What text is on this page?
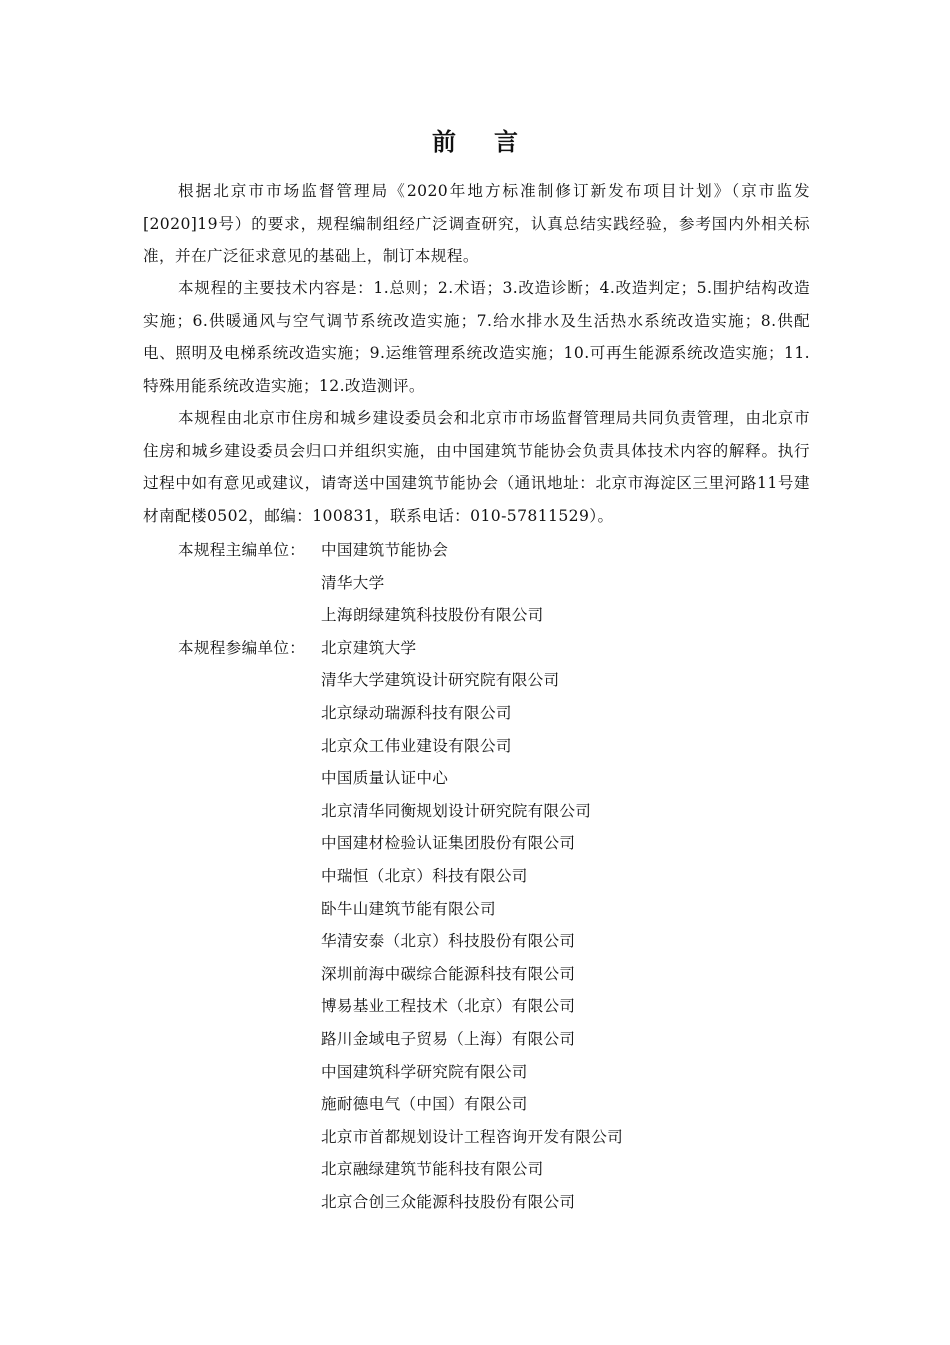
前言

根据北京市市场监督管理局《2020年地方标准制修订新发布项目计划》（京市监发[2020]19号）的要求，规程编制组经广泛调查研究，认真总结实践经验，参考国内外相关标准，并在广泛征求意见的基础上，制订本规程。

本规程的主要技术内容是：1.总则；2.术语；3.改造诊断；4.改造判定；5.围护结构改造实施；6.供暖通风与空气调节系统改造实施；7.给水排水及生活热水系统改造实施；8.供配电、照明及电梯系统改造实施；9.运维管理系统改造实施；10.可再生能源系统改造实施；11.特殊用能系统改造实施；12.改造测评。

本规程由北京市住房和城乡建设委员会和北京市市场监督管理局共同负责管理，由北京市住房和城乡建设委员会归口并组织实施，由中国建筑节能协会负责具体技术内容的解释。执行过程中如有意见或建议，请寄送中国建筑节能协会（通讯地址：北京市海淀区三里河路11号建材南配楼0502，邮编：100831，联系电话：010-57811529）。

本规程主编单位： 中国建筑节能协会
清华大学
上海朗绿建筑科技股份有限公司
本规程参编单位： 北京建筑大学
清华大学建筑设计研究院有限公司
北京绿动瑞源科技有限公司
北京众工伟业建设有限公司
中国质量认证中心
北京清华同衡规划设计研究院有限公司
中国建材检验认证集团股份有限公司
中瑞恒（北京）科技有限公司
卧牛山建筑节能有限公司
华清安泰（北京）科技股份有限公司
深圳前海中碳综合能源科技有限公司
博易基业工程技术（北京）有限公司
路川金域电子贸易（上海）有限公司
中国建筑科学研究院有限公司
施耐德电气（中国）有限公司
北京市首都规划设计工程咨询开发有限公司
北京融绿建筑节能科技有限公司
北京合创三众能源科技股份有限公司
